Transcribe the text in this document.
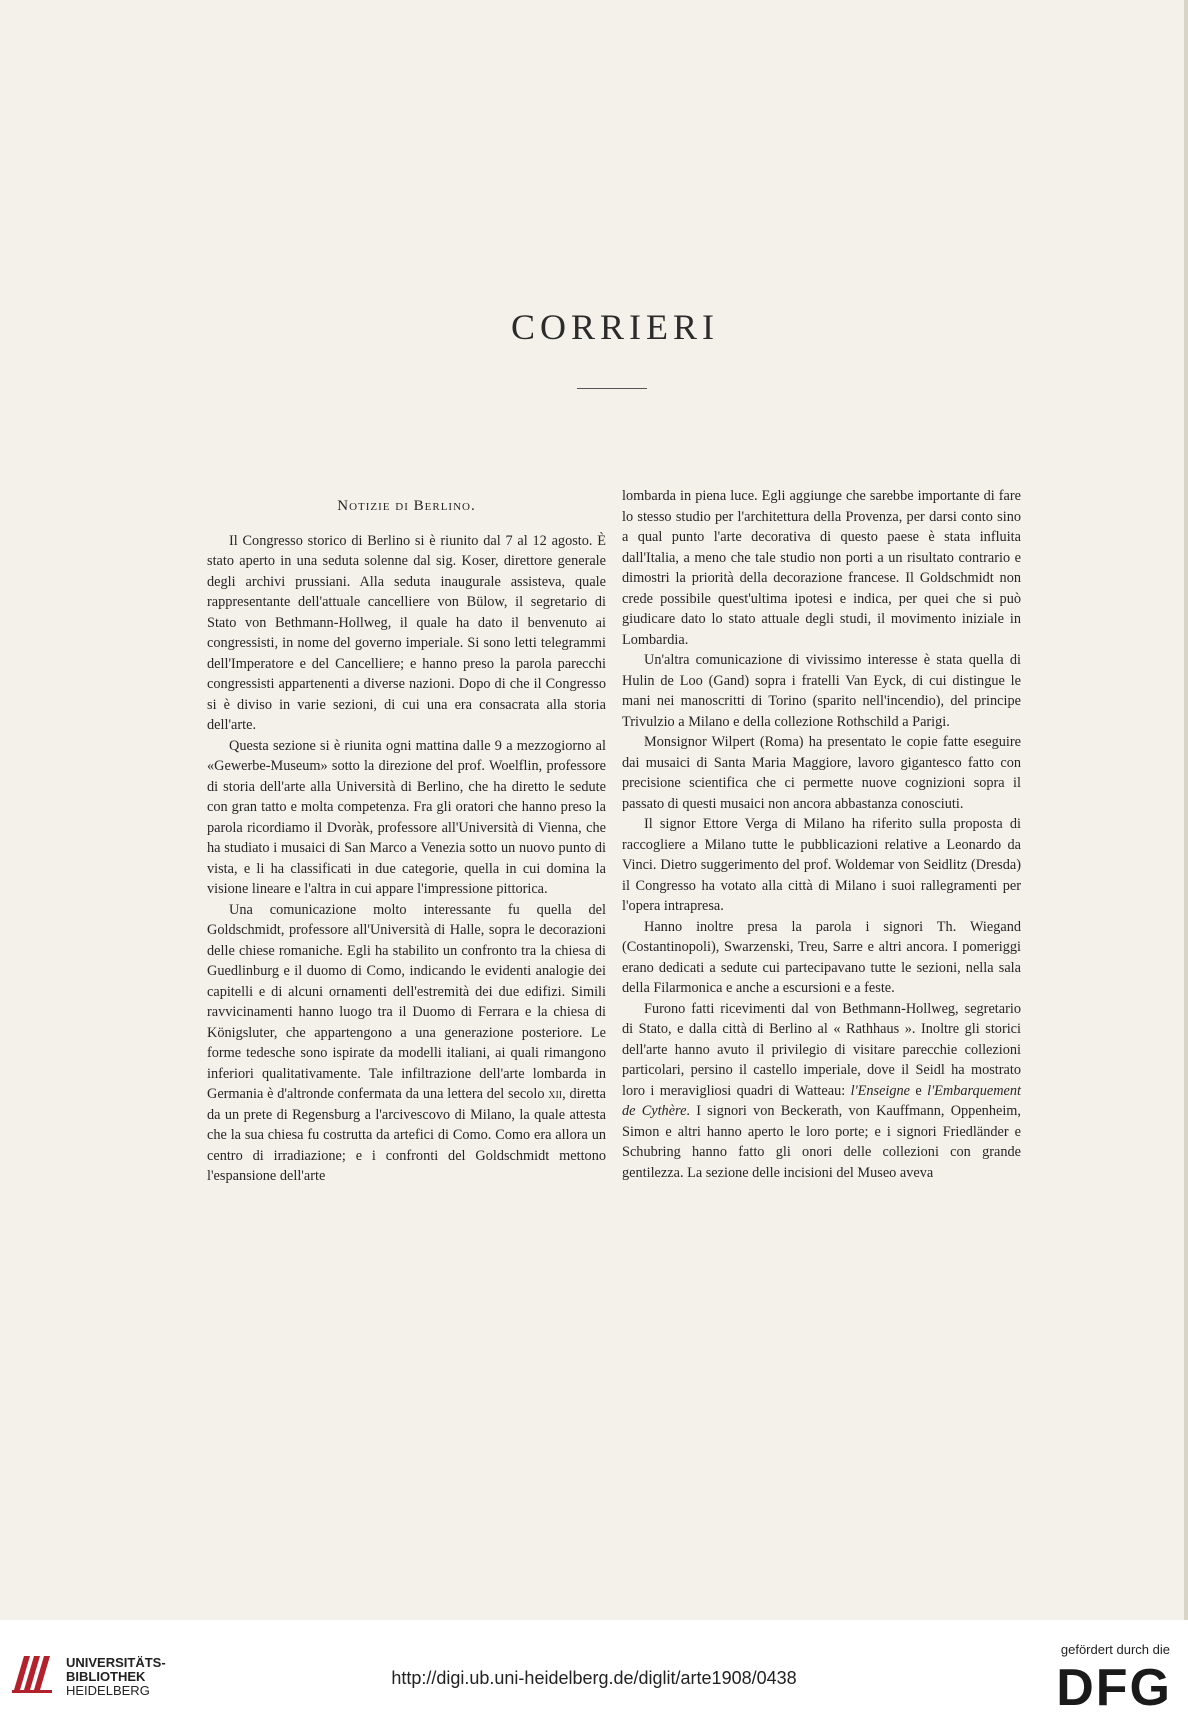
CORRIERI
Notizie di Berlino.

Il Congresso storico di Berlino si è riunito dal 7 al 12 agosto. È stato aperto in una seduta solenne dal sig. Koser, direttore generale degli archivi prussiani. Alla seduta inaugurale assisteva, quale rappresentante dell'attuale cancelliere von Bülow, il segretario di Stato von Bethmann-Hollweg, il quale ha dato il benvenuto ai congressisti, in nome del governo imperiale. Si sono letti telegrammi dell'Imperatore e del Cancelliere; e hanno preso la parola parecchi congressisti appartenenti a diverse nazioni. Dopo di che il Congresso si è diviso in varie sezioni, di cui una era consacrata alla storia dell'arte.

Questa sezione si è riunita ogni mattina dalle 9 a mezzogiorno al «Gewerbe-Museum» sotto la direzione del prof. Woelflin, professore di storia dell'arte alla Università di Berlino, che ha diretto le sedute con gran tatto e molta competenza. Fra gli oratori che hanno preso la parola ricordiamo il Dvoràk, professore all'Università di Vienna, che ha studiato i musaici di San Marco a Venezia sotto un nuovo punto di vista, e li ha classificati in due categorie, quella in cui domina la visione lineare e l'altra in cui appare l'impressione pittorica.

Una comunicazione molto interessante fu quella del Goldschmidt, professore all'Università di Halle, sopra le decorazioni delle chiese romaniche. Egli ha stabilito un confronto tra la chiesa di Guedlinburg e il duomo di Como, indicando le evidenti analogie dei capitelli e di alcuni ornamenti dell'estremità dei due edifizi. Simili ravvicinamenti hanno luogo tra il Duomo di Ferrara e la chiesa di Königsluter, che appartengono a una generazione posteriore. Le forme tedesche sono ispirate da modelli italiani, ai quali rimangono inferiori qualitativamente. Tale infiltrazione dell'arte lombarda in Germania è d'altronde confermata da una lettera del secolo xii, diretta da un prete di Regensburg a l'arcivescovo di Milano, la quale attesta che la sua chiesa fu costrutta da artefici di Como. Como era allora un centro di irradiazione; e i confronti del Goldschmidt mettono l'espansione dell'arte

lombarda in piena luce. Egli aggiunge che sarebbe importante di fare lo stesso studio per l'architettura della Provenza, per darsi conto sino a qual punto l'arte decorativa di questo paese è stata influita dall'Italia, a meno che tale studio non porti a un risultato contrario e dimostri la priorità della decorazione francese. Il Goldschmidt non crede possibile quest'ultima ipotesi e indica, per quei che si può giudicare dato lo stato attuale degli studi, il movimento iniziale in Lombardia.

Un'altra comunicazione di vivissimo interesse è stata quella di Hulin de Loo (Gand) sopra i fratelli Van Eyck, di cui distingue le mani nei manoscritti di Torino (sparito nell'incendio), del principe Trivulzio a Milano e della collezione Rothschild a Parigi.

Monsignor Wilpert (Roma) ha presentato le copie fatte eseguire dai musaici di Santa Maria Maggiore, lavoro gigantesco fatto con precisione scientifica che ci permette nuove cognizioni sopra il passato di questi musaici non ancora abbastanza conosciuti.

Il signor Ettore Verga di Milano ha riferito sulla proposta di raccogliere a Milano tutte le pubblicazioni relative a Leonardo da Vinci. Dietro suggerimento del prof. Woldemar von Seidlitz (Dresda) il Congresso ha votato alla città di Milano i suoi rallegramenti per l'opera intrapresa.

Hanno inoltre presa la parola i signori Th. Wiegand (Costantinopoli), Swarzenski, Treu, Sarre e altri ancora. I pomeriggi erano dedicati a sedute cui partecipavano tutte le sezioni, nella sala della Filarmonica e anche a escursioni e a feste.

Furono fatti ricevimenti dal von Bethmann-Hollweg, segretario di Stato, e dalla città di Berlino al « Rathhaus ». Inoltre gli storici dell'arte hanno avuto il privilegio di visitare parecchie collezioni particolari, persino il castello imperiale, dove il Seidl ha mostrato loro i meravigliosi quadri di Watteau: l'Enseigne e l'Embarquement de Cythère. I signori von Beckerath, von Kauffmann, Oppenheim, Simon e altri hanno aperto le loro porte; e i signori Friedländer e Schubring hanno fatto gli onori delle collezioni con grande gentilezza. La sezione delle incisioni del Museo aveva

UNIVERSITÄTS-
BIBLIOTHEK
HEIDELBERG
http://digi.ub.uni-heidelberg.de/diglit/arte1908/0438
gefördert durch die
DFG
